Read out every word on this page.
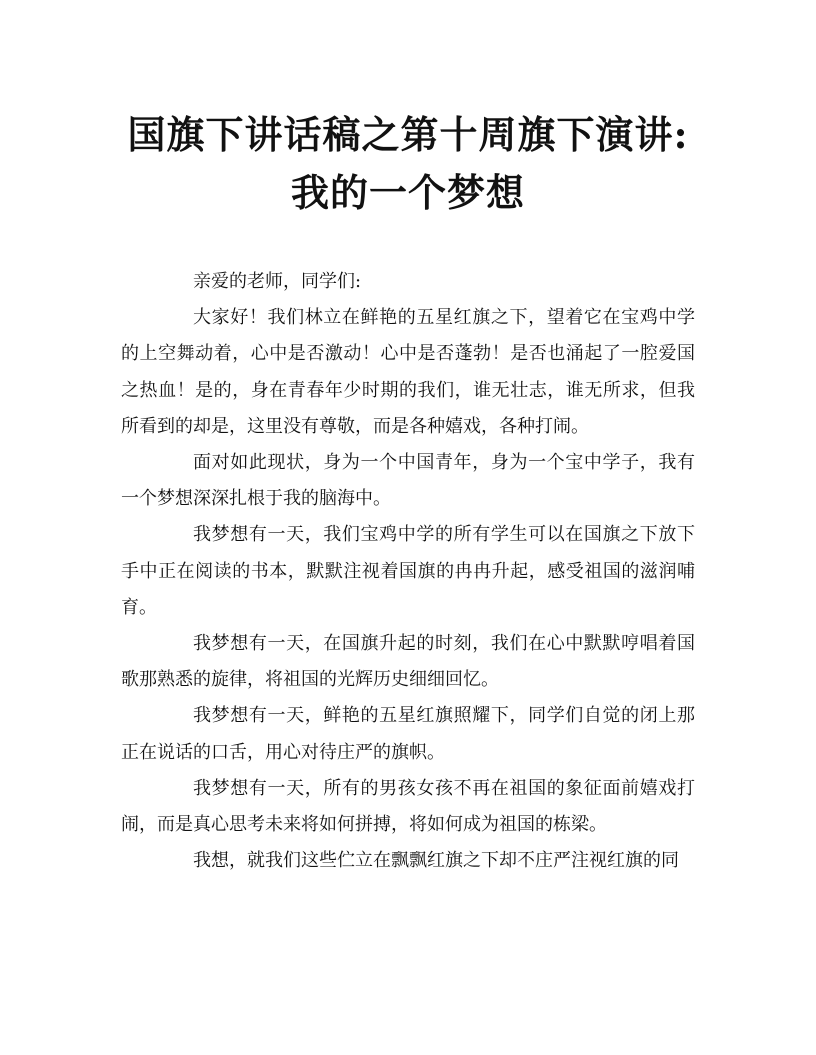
国旗下讲话稿之第十周旗下演讲: 我的一个梦想

亲爱的老师，同学们:

大家好！我们林立在鲜艳的五星红旗之下，望着它在宝鸡中学的上空舞动着，心中是否激动！心中是否蓬勃！是否也涌起了一腔爱国之热血！是的，身在青春年少时期的我们，谁无壮志，谁无所求，但我所看到的却是，这里没有尊敬，而是各种嬉戏，各种打闹。

面对如此现状，身为一个中国青年，身为一个宝中学子，我有一个梦想深深扎根于我的脑海中。

我梦想有一天，我们宝鸡中学的所有学生可以在国旗之下放下手中正在阅读的书本，默默注视着国旗的冉冉升起，感受祖国的滋润哺育。

我梦想有一天，在国旗升起的时刻，我们在心中默默哼唱着国歌那熟悉的旋律，将祖国的光辉历史细细回忆。

我梦想有一天，鲜艳的五星红旗照耀下，同学们自觉的闭上那正在说话的口舌，用心对待庄严的旗帜。

我梦想有一天，所有的男孩女孩不再在祖国的象征面前嬉戏打闹，而是真心思考未来将如何拼搏，将如何成为祖国的栋梁。

我想，就我们这些伫立在飘飘红旗之下却不庄严注视红旗的同
